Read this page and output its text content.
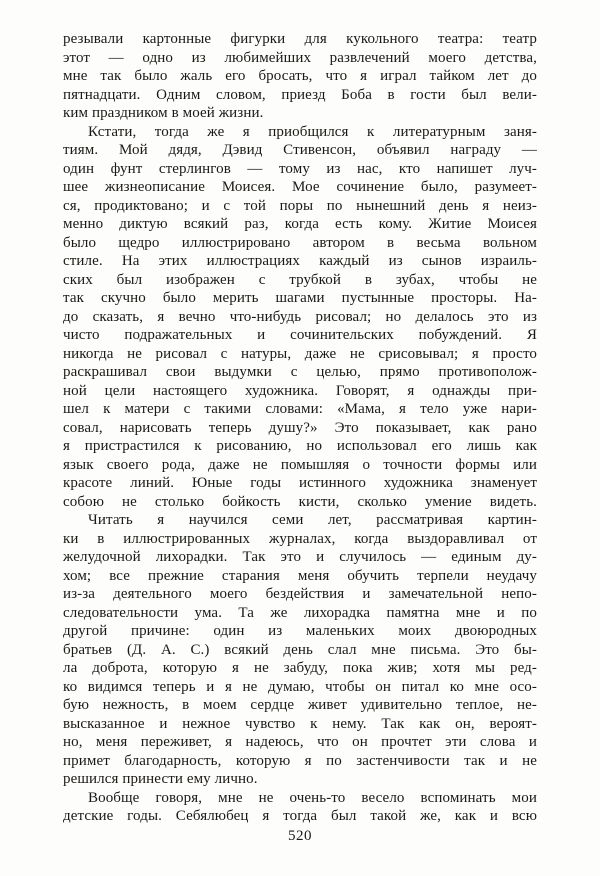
резывали картонные фигурки для кукольного театра: театр
этот — одно из любимейших развлечений моего детства,
мне так было жаль его бросать, что я играл тайком лет до
пятнадцати. Одним словом, приезд Боба в гости был вели-
ким праздником в моей жизни.
Кстати, тогда же я приобщился к литературным заня-
тиям. Мой дядя, Дэвид Стивенсон, объявил награду —
один фунт стерлингов — тому из нас, кто напишет луч-
шее жизнеописание Моисея. Мое сочинение было, разумеет-
ся, продиктовано; и с той поры по нынешний день я неиз-
менно диктую всякий раз, когда есть кому. Житие Моисея
было щедро иллюстрировано автором в весьма вольном
стиле. На этих иллюстрациях каждый из сынов израиль-
ских был изображен с трубкой в зубах, чтобы не
так скучно было мерить шагами пустынные просторы. На-
до сказать, я вечно что-нибудь рисовал; но делалось это из
чисто подражательных и сочинительских побуждений. Я
никогда не рисовал с натуры, даже не срисовывал; я просто
раскрашивал свои выдумки с целью, прямо противополож-
ной цели настоящего художника. Говорят, я однажды при-
шел к матери с такими словами: «Мама, я тело уже нари-
совал, нарисовать теперь душу?» Это показывает, как рано
я пристрастился к рисованию, но использовал его лишь как
язык своего рода, даже не помышляя о точности формы или
красоте линий. Юные годы истинного художника знаменует
собою не столько бойкость кисти, сколько умение видеть.
Читать я научился семи лет, рассматривая картин-
ки в иллюстрированных журналах, когда выздоравливал от
желудочной лихорадки. Так это и случилось — единым ду-
хом; все прежние старания меня обучить терпели неудачу
из-за деятельного моего бездействия и замечательной непо-
следовательности ума. Та же лихорадка памятна мне и по
другой причине: один из маленьких моих двоюродных
братьев (Д. А. С.) всякий день слал мне письма. Это бы-
ла доброта, которую я не забуду, пока жив; хотя мы ред-
ко видимся теперь и я не думаю, чтобы он питал ко мне осо-
бую нежность, в моем сердце живет удивительно теплое, не-
высказанное и нежное чувство к нему. Так как он, вероят-
но, меня переживет, я надеюсь, что он прочтет эти слова и
примет благодарность, которую я по застенчивости так и не
решился принести ему лично.
Вообще говоря, мне не очень-то весело вспоминать мои
детские годы. Себялюбец я тогда был такой же, как и всю
520
